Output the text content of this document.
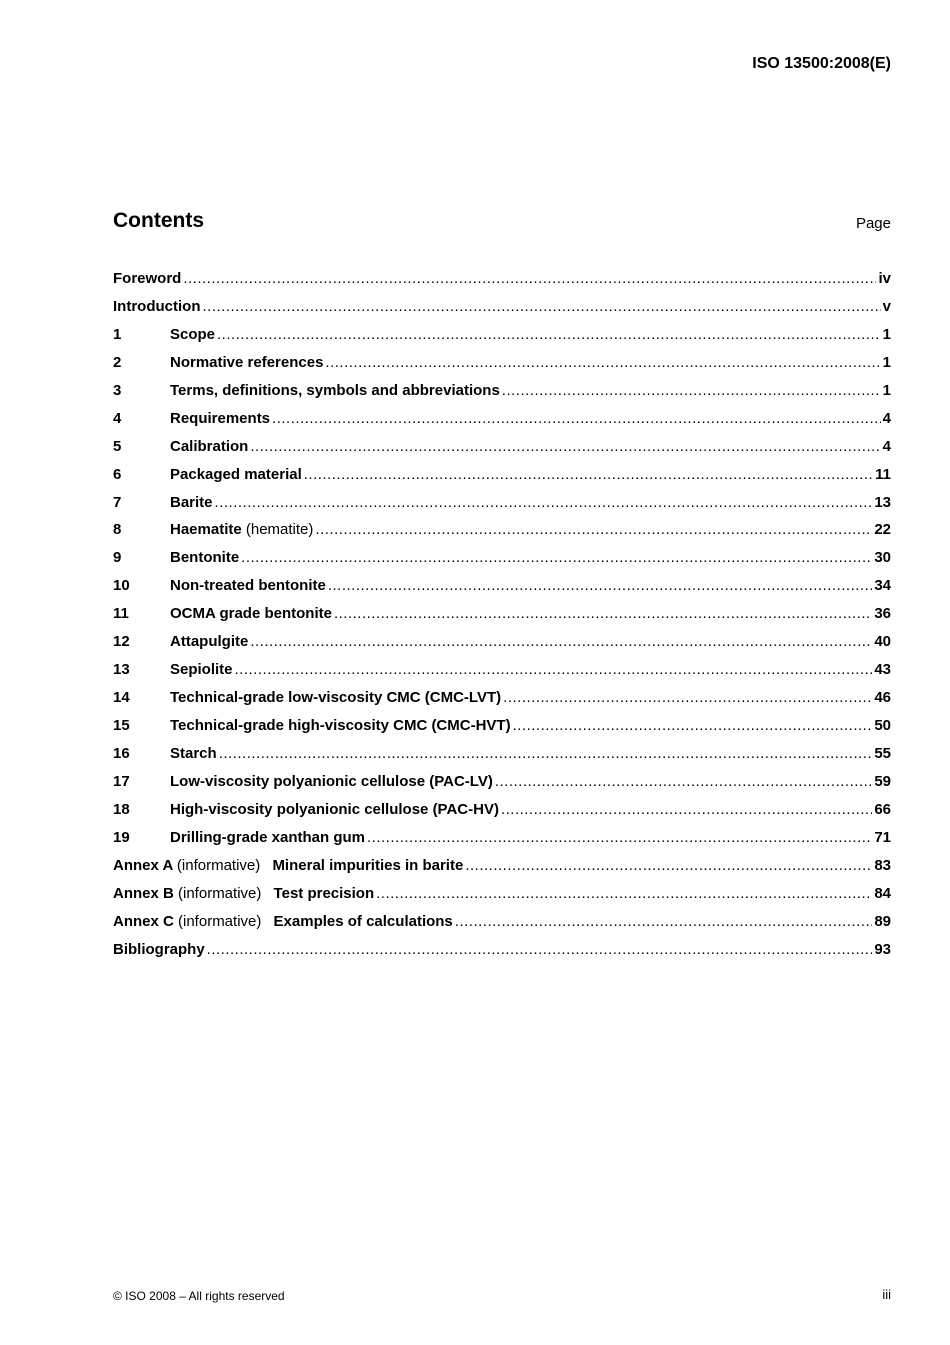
ISO 13500:2008(E)
Contents	Page
Foreword .....	iv
Introduction .....	v
1	Scope .....	1
2	Normative references .....	1
3	Terms, definitions, symbols and abbreviations .....	1
4	Requirements .....	4
5	Calibration .....	4
6	Packaged material .....	11
7	Barite .....	13
8	Haematite (hematite) .....	22
9	Bentonite .....	30
10	Non-treated bentonite .....	34
11	OCMA grade bentonite .....	36
12	Attapulgite .....	40
13	Sepiolite .....	43
14	Technical-grade low-viscosity CMC (CMC-LVT) .....	46
15	Technical-grade high-viscosity CMC (CMC-HVT) .....	50
16	Starch .....	55
17	Low-viscosity polyanionic cellulose (PAC-LV) .....	59
18	High-viscosity polyanionic cellulose (PAC-HV) .....	66
19	Drilling-grade xanthan gum .....	71
Annex A (informative) Mineral impurities in barite .....	83
Annex B (informative) Test precision .....	84
Annex C (informative) Examples of calculations .....	89
Bibliography .....	93
© ISO 2008 – All rights reserved	iii
